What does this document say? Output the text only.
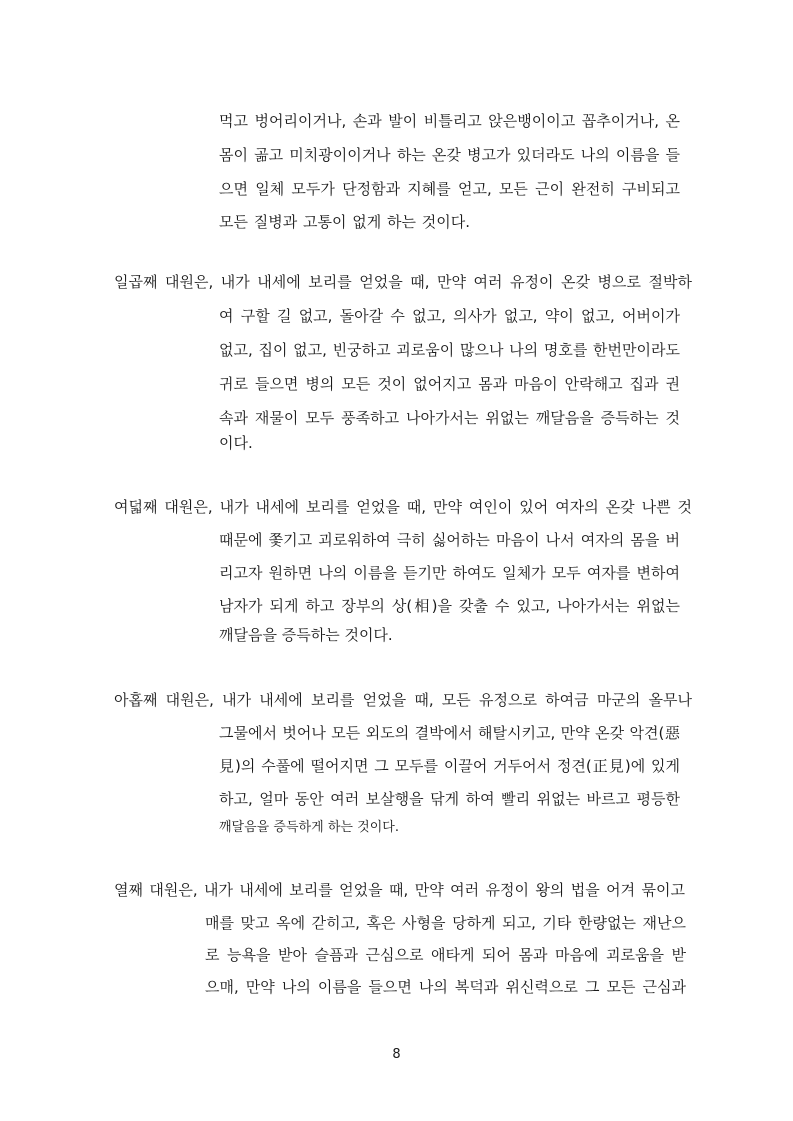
먹고 벙어리이거나, 손과 발이 비틀리고 앉은뱅이이고 꼽추이거나, 온
몸이 곪고 미치광이이거나 하는 온갖 병고가 있더라도 나의 이름을 들
으면 일체 모두가 단정함과 지혜를 얻고, 모든 근이 완전히 구비되고
모든 질병과 고통이 없게 하는 것이다.
일곱째 대원은, 내가 내세에 보리를 얻었을 때, 만약 여러 유정이 온갖 병으로 절박하
여 구할 길 없고, 돌아갈 수 없고, 의사가 없고, 약이 없고, 어버이가
없고, 집이 없고, 빈궁하고 괴로움이 많으나 나의 명호를 한번만이라도
귀로 들으면 병의 모든 것이 없어지고 몸과 마음이 안락해고 집과 권
속과 재물이 모두 풍족하고 나아가서는 위없는 깨달음을 증득하는 것
이다.
여덟째 대원은, 내가 내세에 보리를 얻었을 때, 만약 여인이 있어 여자의 온갖 나쁜 것
때문에 쫓기고 괴로워하여 극히 싫어하는 마음이 나서 여자의 몸을 버
리고자 원하면 나의 이름을 듣기만 하여도 일체가 모두 여자를 변하여
남자가 되게 하고 장부의 상(相)을 갖출 수 있고, 나아가서는 위없는
깨달음을 증득하는 것이다.
아홉째 대원은, 내가 내세에 보리를 얻었을 때, 모든 유정으로 하여금 마군의 올무나
그물에서 벗어나 모든 외도의 결박에서 해탈시키고, 만약 온갖 악견(惡
見)의 수풀에 떨어지면 그 모두를 이끌어 거두어서 정견(正見)에 있게
하고, 얼마 동안 여러 보살행을 닦게 하여 빨리 위없는 바르고 평등한
깨달음을 증득하게 하는 것이다.
열째 대원은, 내가 내세에 보리를 얻었을 때, 만약 여러 유정이 왕의 법을 어겨 묶이고
매를 맞고 옥에 갇히고, 혹은 사형을 당하게 되고, 기타 한량없는 재난으
로 능욕을 받아 슬픔과 근심으로 애타게 되어 몸과 마음에 괴로움을 받
으매, 만약 나의 이름을 들으면 나의 복덕과 위신력으로 그 모든 근심과
8
